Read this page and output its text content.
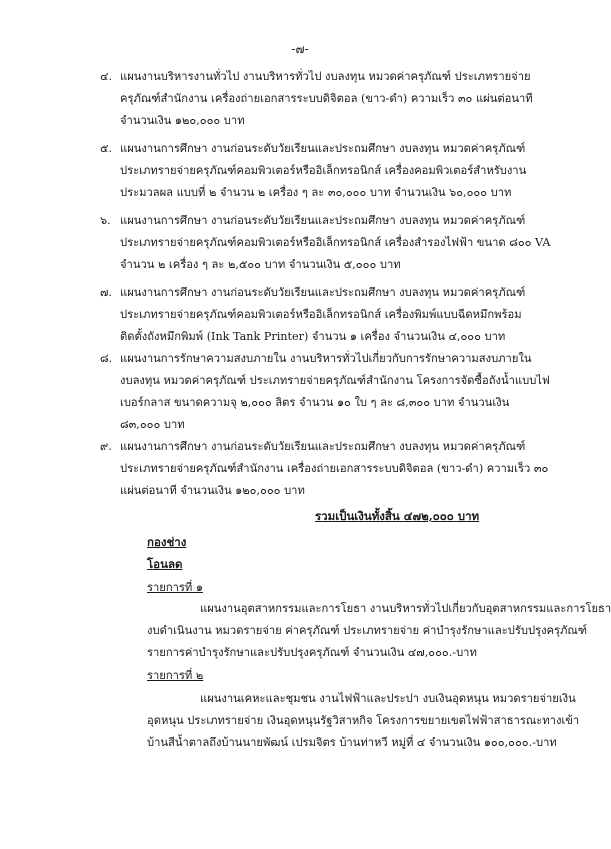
-๗-
๔. แผนงานบริหารงานทั่วไป งานบริหารทั่วไป งบลงทุน หมวดค่าครุภัณฑ์ ประเภทรายจ่าย
ครุภัณฑ์สำนักงาน เครื่องถ่ายเอกสารระบบดิจิตอล (ขาว-ดำ) ความเร็ว ๓๐ แผ่นต่อนาที
จำนวนเงิน ๑๒๐,๐๐๐ บาท
๕. แผนงานการศึกษา งานก่อนระดับวัยเรียนและประถมศึกษา งบลงทุน หมวดค่าครุภัณฑ์
ประเภทรายจ่ายครุภัณฑ์คอมพิวเตอร์หรืออิเล็กทรอนิกส์ เครื่องคอมพิวเตอร์สำหรับงาน
ประมวลผล แบบที่ ๒ จำนวน ๒ เครื่อง ๆ ละ ๓๐,๐๐๐ บาท จำนวนเงิน ๖๐,๐๐๐ บาท
๖. แผนงานการศึกษา งานก่อนระดับวัยเรียนและประถมศึกษา งบลงทุน หมวดค่าครุภัณฑ์
ประเภทรายจ่ายครุภัณฑ์คอมพิวเตอร์หรืออิเล็กทรอนิกส์ เครื่องสำรองไฟฟ้า ขนาด ๘๐๐ VA
จำนวน ๒ เครื่อง ๆ ละ ๒,๕๐๐ บาท จำนวนเงิน ๕,๐๐๐ บาท
๗. แผนงานการศึกษา งานก่อนระดับวัยเรียนและประถมศึกษา งบลงทุน หมวดค่าครุภัณฑ์
ประเภทรายจ่ายครุภัณฑ์คอมพิวเตอร์หรืออิเล็กทรอนิกส์ เครื่องพิมพ์แบบฉีดหมึกพร้อม
ติดตั้งถังหมึกพิมพ์ (Ink Tank Printer) จำนวน ๑ เครื่อง จำนวนเงิน ๔,๐๐๐ บาท
๘. แผนงานการรักษาความสงบภายใน งานบริหารทั่วไปเกี่ยวกับการรักษาความสงบภายใน
งบลงทุน หมวดค่าครุภัณฑ์ ประเภทรายจ่ายครุภัณฑ์สำนักงาน โครงการจัดซื้อถังน้ำแบบไฟ
เบอร์กลาส ขนาดความจุ ๒,๐๐๐ ลิตร จำนวน ๑๐ ใบ ๆ ละ ๘,๓๐๐ บาท จำนวนเงิน
๘๓,๐๐๐ บาท
๙. แผนงานการศึกษา งานก่อนระดับวัยเรียนและประถมศึกษา งบลงทุน หมวดค่าครุภัณฑ์
ประเภทรายจ่ายครุภัณฑ์สำนักงาน เครื่องถ่ายเอกสารระบบดิจิตอล (ขาว-ดำ) ความเร็ว ๓๐
แผ่นต่อนาที จำนวนเงิน ๑๒๐,๐๐๐ บาท
รวมเป็นเงินทั้งสิ้น ๔๗๒,๐๐๐ บาท
กองช่าง
โอนลด
รายการที่ ๑
แผนงานอุตสาหกรรมและการโยธา งานบริหารทั่วไปเกี่ยวกับอุตสาหกรรมและการโยธา
งบดำเนินงาน หมวดรายจ่าย ค่าครุภัณฑ์ ประเภทรายจ่าย ค่าบำรุงรักษาและปรับปรุงครุภัณฑ์
รายการค่าบำรุงรักษาและปรับปรุงครุภัณฑ์ จำนวนเงิน ๔๗,๐๐๐.-บาท
รายการที่ ๒
แผนงานเคหะและชุมชน งานไฟฟ้าและประปา งบเงินอุดหนุน หมวดรายจ่ายเงิน
อุดหนุน ประเภทรายจ่าย เงินอุดหนุนรัฐวิสาหกิจ โครงการขยายเขตไฟฟ้าสาธารณะทางเข้า
บ้านสีน้ำตาลถึงบ้านนายพัฒน์ เปรมจิตร บ้านท่าหวี หมู่ที่ ๔ จำนวนเงิน ๑๐๐,๐๐๐.-บาท
